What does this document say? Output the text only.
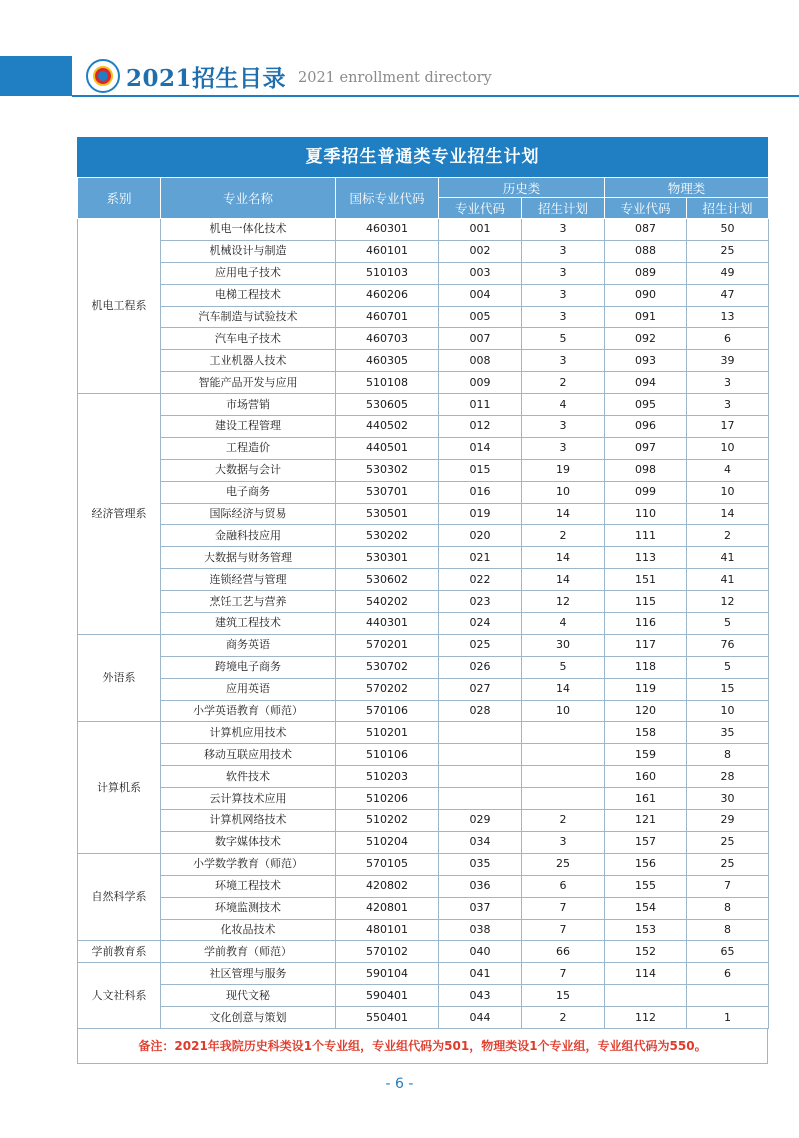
2021招生目录 2021 enrollment directory
夏季招生普通类专业招生计划
系别	专业名称	国标专业代码	历史类		物理类	
			专业代码	招生计划	专业代码	招生计划
机电工程系	机电一体化技术	460301	001	3	087	50
	机械设计与制造	460101	002	3	088	25
	应用电子技术	510103	003	3	089	49
	电梯工程技术	460206	004	3	090	47
	汽车制造与试验技术	460701	005	3	091	13
	汽车电子技术	460703	007	5	092	6
	工业机器人技术	460305	008	3	093	39
	智能产品开发与应用	510108	009	2	094	3
经济管理系	市场营销	530605	011	4	095	3
	建设工程管理	440502	012	3	096	17
	工程造价	440501	014	3	097	10
	大数据与会计	530302	015	19	098	4
	电子商务	530701	016	10	099	10
	国际经济与贸易	530501	019	14	110	14
	金融科技应用	530202	020	2	111	2
	大数据与财务管理	530301	021	14	113	41
	连锁经营与管理	530602	022	14	151	41
	烹饪工艺与营养	540202	023	12	115	12
	建筑工程技术	440301	024	4	116	5
外语系	商务英语	570201	025	30	117	76
	跨境电子商务	530702	026	5	118	5
	应用英语	570202	027	14	119	15
	小学英语教育（师范）	570106	028	10	120	10
计算机系	计算机应用技术	510201			158	35
	移动互联应用技术	510106			159	8
	软件技术	510203			160	28
	云计算技术应用	510206			161	30
	计算机网络技术	510202	029	2	121	29
	数字媒体技术	510204	034	3	157	25
自然科学系	小学数学教育（师范）	570105	035	25	156	25
	环境工程技术	420802	036	6	155	7
	环境监测技术	420801	037	7	154	8
	化妆品技术	480101	038	7	153	8
学前教育系	学前教育（师范）	570102	040	66	152	65
人文社科系	社区管理与服务	590104	041	7	114	6
	现代文秘	590401	043	15		
	文化创意与策划	550401	044	2	112	1
备注：2021年我院历史科类设1个专业组，专业组代码为501，物理类设1个专业组，专业组代码为550。
- 6 -
